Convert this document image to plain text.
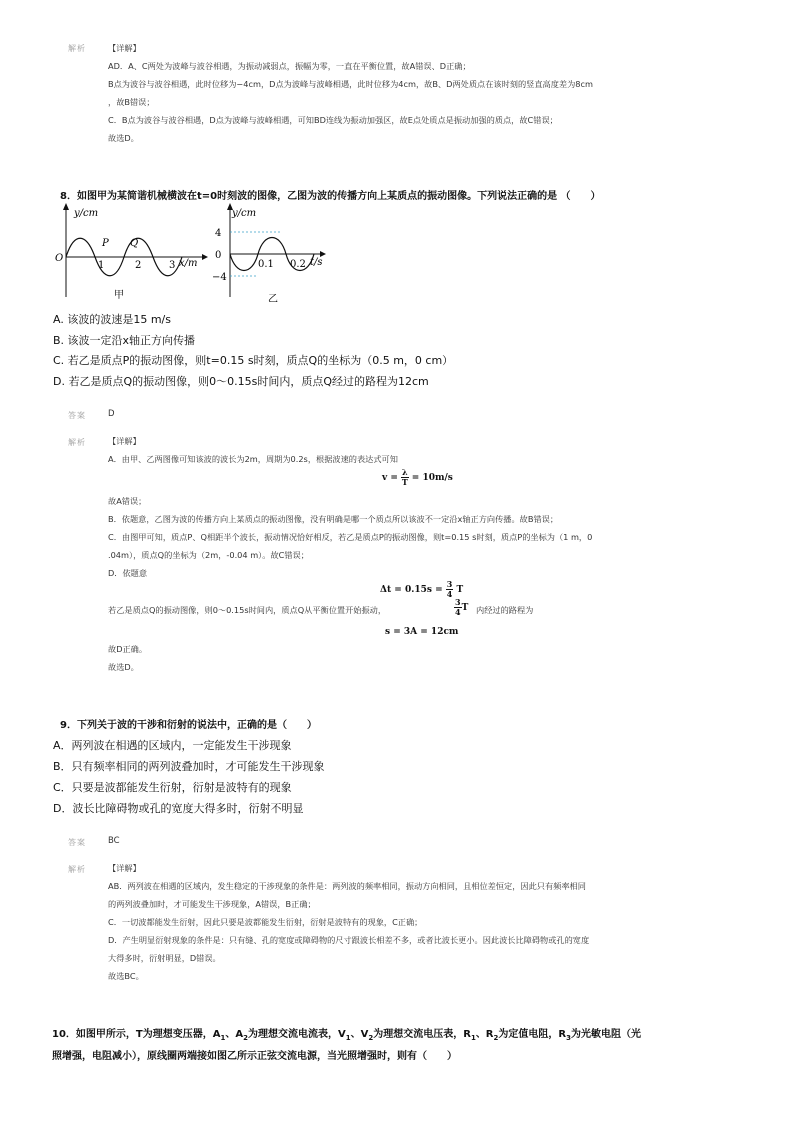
解析	【详解】
AD．A、C两处为波峰与波谷相遇，为振动减弱点，振幅为零，一直在平衡位置，故A错误、D正确；
B点为波谷与波谷相遇，此时位移为−4cm，D点为波峰与波峰相遇，此时位移为4cm，故B、D两处质点在该时刻的竖直高度差为8cm
，故B错误；
C．B点为波谷与波谷相遇，D点为波峰与波峰相遇，可知BD连线为振动加强区，故E点处质点是振动加强的质点，故C错误；
故选D。
8．如图甲为某简谐机械横波在t=0时刻波的图像，乙图为波的传播方向上某质点的振动图像。下列说法正确的是 （　　）
y/cm
O
P Q
1	2	3 x/m
甲
y/cm
4
0
−4
0.1 0.2 t/s
乙
A. 该波的波速是15 m/s
B. 该波一定沿x轴正方向传播
C. 若乙是质点P的振动图像，则t=0.15 s时刻，质点Q的坐标为（0.5 m，0 cm）
D. 若乙是质点Q的振动图像，则0～0.15s时间内，质点Q经过的路程为12cm
答案	D
解析	【详解】
A．由甲、乙两图像可知该波的波长为2m，周期为0.2s，根据波速的表达式可知
$v = \frac{\lambda}{T} = 10m/s$
故A错误；
B．依题意，乙图为波的传播方向上某质点的振动图像，没有明确是哪一个质点所以该波不一定沿x轴正方向传播。故B错误；
C．由图甲可知，质点P、Q相距半个波长，振动情况恰好相反，若乙是质点P的振动图像，则t=0.15 s时刻，质点P的坐标为（1 m，0
.04m），质点Q的坐标为（2m，-0.04 m）。故C错误；
D．依题意
$\Delta t = 0.15s = \frac{3}{4}$ T
若乙是质点Q的振动图像，则0～0.15s时间内，质点Q从平衡位置开始振动，	$\frac{3}{4}$ T 内经过的路程为
s = 3A = 12cm
故D正确。
故选D。
9．下列关于波的干涉和衍射的说法中，正确的是（　　）
A．两列波在相遇的区域内，一定能发生干涉现象
B．只有频率相同的两列波叠加时，才可能发生干涉现象
C．只要是波都能发生衍射，衍射是波特有的现象
D．波长比障碍物或孔的宽度大得多时，衍射不明显
答案	BC
解析	【详解】
AB．两列波在相遇的区域内，发生稳定的干涉现象的条件是：两列波的频率相同，振动方向相同，且相位差恒定，因此只有频率相同
的两列波叠加时，才可能发生干涉现象，A错误，B正确；
C．一切波都能发生衍射，因此只要是波都能发生衍射，衍射是波特有的现象，C正确；
D．产生明显衍射现象的条件是：只有缝、孔的宽度或障碍物的尺寸跟波长相差不多，或者比波长更小。因此波长比障碍物或孔的宽度
大得多时，衍射明显，D错误。
故选BC。
10．如图甲所示，T为理想变压器，$A_1$、$A_2$为理想交流电流表，$V_1$、$V_2$为理想交流电压表，$R_1$、$R_2$为定值电阻，$R_3$为光敏电阻（光
照增强，电阻减小），原线圈两端接如图乙所示正弦交流电源，当光照增强时，则有（　　）
